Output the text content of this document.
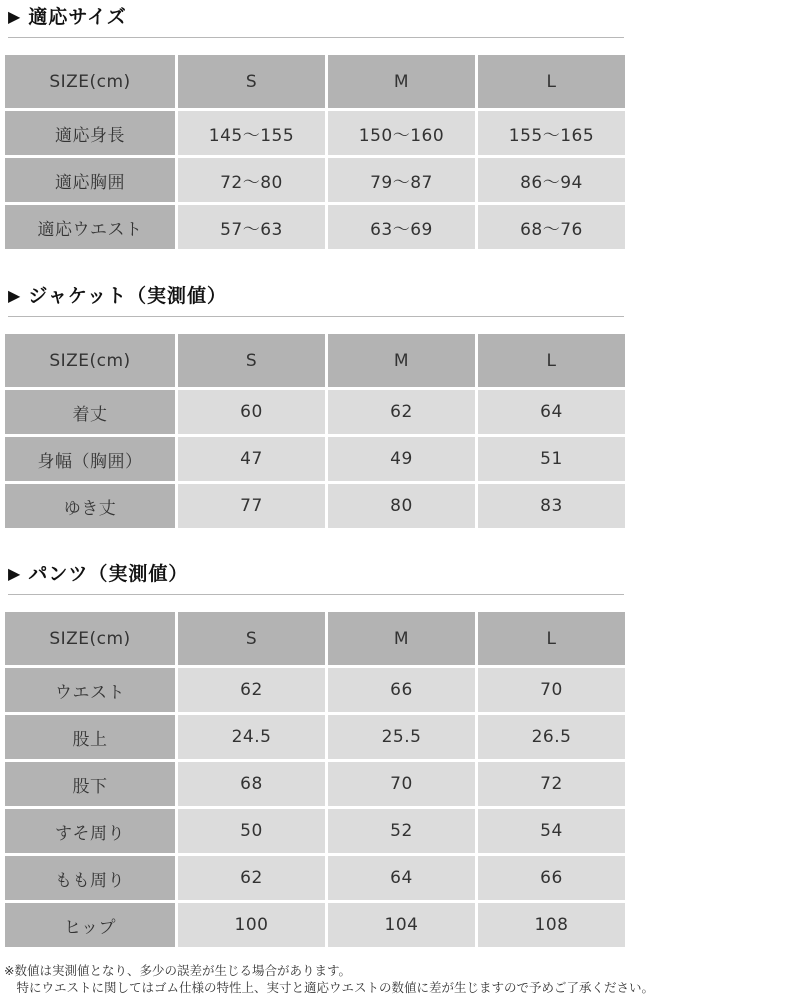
▶ 適応サイズ
SIZE(cm)	S	M	L
適応身長	145～155	150～160	155～165
適応胸囲	72～80	79～87	86～94
適応ウエスト	57～63	63～69	68～76
▶ ジャケット（実測値）
SIZE(cm)	S	M	L
着丈	60	62	64
身幅（胸囲）	47	49	51
ゆき丈	77	80	83
▶ パンツ（実測値）
SIZE(cm)	S	M	L
ウエスト	62	66	70
股上	24.5	25.5	26.5
股下	68	70	72
すそ周り	50	52	54
もも周り	62	64	66
ヒップ	100	104	108
※数値は実測値となり、多少の誤差が生じる場合があります。
　特にウエストに関してはゴム仕様の特性上、実寸と適応ウエストの数値に差が生じますので予めご了承ください。
